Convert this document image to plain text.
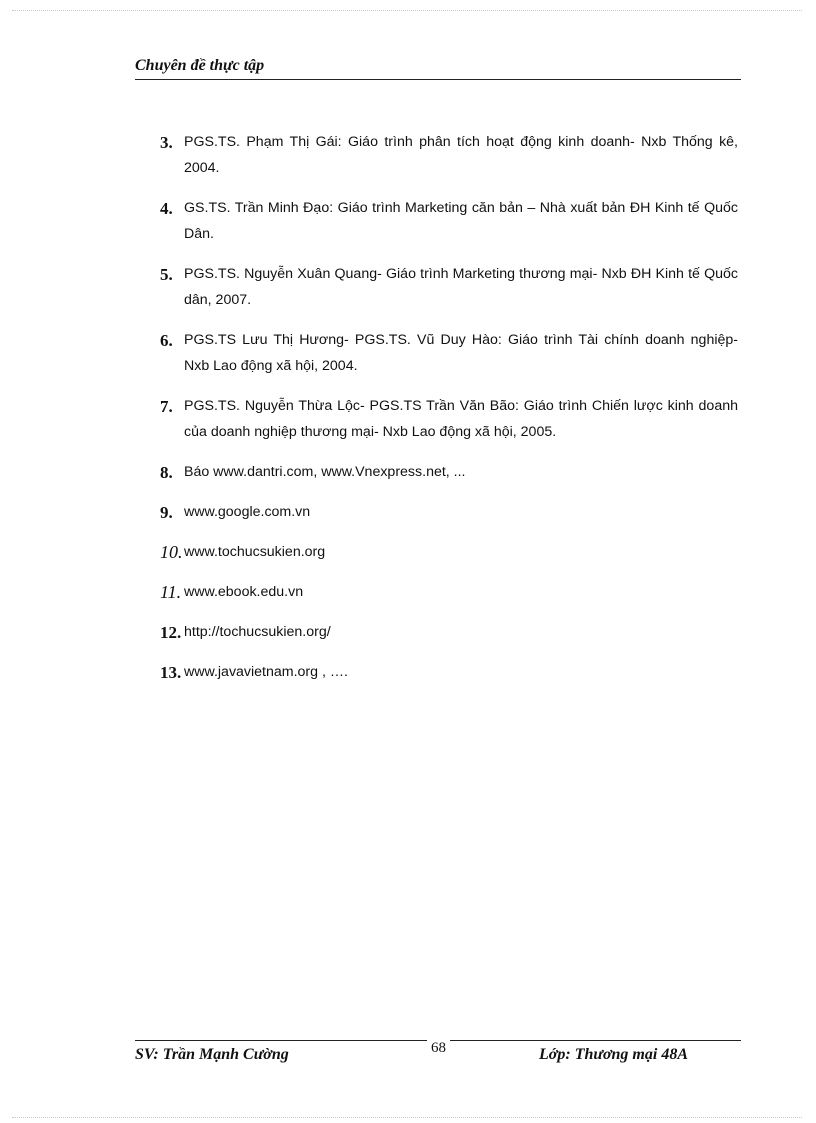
Chuyên đề thực tập
3. PGS.TS. Phạm Thị Gái: Giáo trình phân tích hoạt động kinh doanh- Nxb Thống kê, 2004.
4. GS.TS. Trần Minh Đạo: Giáo trình Marketing căn bản – Nhà xuất bản ĐH Kinh tế Quốc Dân.
5. PGS.TS. Nguyễn Xuân Quang- Giáo trình Marketing thương mại- Nxb ĐH Kinh tế Quốc dân, 2007.
6. PGS.TS Lưu Thị Hương- PGS.TS. Vũ Duy Hào: Giáo trình Tài chính doanh nghiệp- Nxb Lao động xã hội, 2004.
7. PGS.TS. Nguyễn Thừa Lộc- PGS.TS Trần Văn Bão: Giáo trình Chiến lược kinh doanh của doanh nghiệp thương mại- Nxb Lao động xã hội, 2005.
8. Báo www.dantri.com, www.Vnexpress.net, ...
9. www.google.com.vn
10. www.tochucsukien.org
11. www.ebook.edu.vn
12. http://tochucsukien.org/
13. www.javavietnam.org , ….
SV: Trần Mạnh Cường	68	Lớp: Thương mại 48A
